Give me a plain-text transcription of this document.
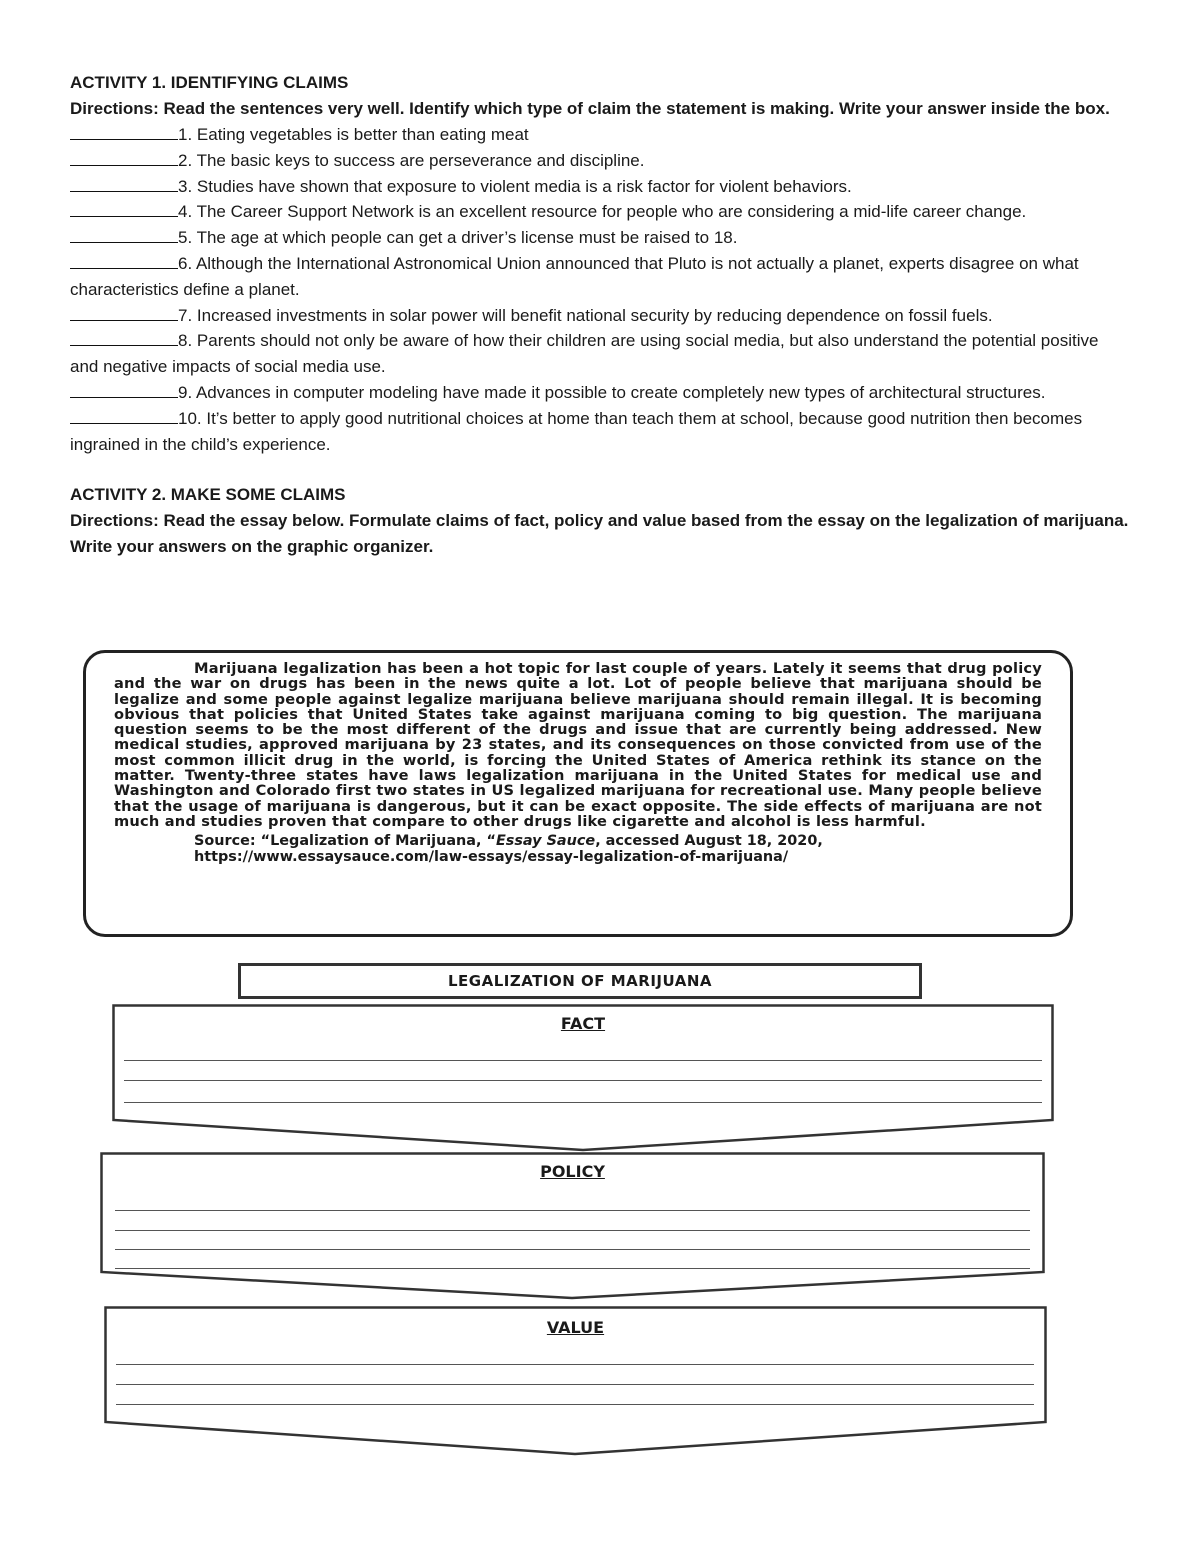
ACTIVITY 1. IDENTIFYING CLAIMS

Directions: Read the sentences very well. Identify which type of claim the statement is making. Write your answer inside the box.

1. Eating vegetables is better than eating meat

2. The basic keys to success are perseverance and discipline.

3. Studies have shown that exposure to violent media is a risk factor for violent behaviors.

4. The Career Support Network is an excellent resource for people who are considering a mid-life career change.

5. The age at which people can get a driver’s license must be raised to 18.

6. Although the International Astronomical Union announced that Pluto is not actually a planet, experts disagree on what characteristics define a planet.

7. Increased investments in solar power will benefit national security by reducing dependence on fossil fuels.

8. Parents should not only be aware of how their children are using social media, but also understand the potential positive and negative impacts of social media use.

9. Advances in computer modeling have made it possible to create completely new types of architectural structures.

10. It’s better to apply good nutritional choices at home than teach them at school, because good nutrition then becomes ingrained in the child’s experience.

ACTIVITY 2. MAKE SOME CLAIMS

Directions: Read the essay below. Formulate claims of fact, policy and value based from the essay on the legalization of marijuana. Write your answers on the graphic organizer.

Marijuana legalization has been a hot topic for last couple of years. Lately it seems that drug policy and the war on drugs has been in the news quite a lot. Lot of people believe that marijuana should be legalize and some people against legalize marijuana believe marijuana should remain illegal. It is becoming obvious that policies that United States take against marijuana coming to big question. The marijuana question seems to be the most different of the drugs and issue that are currently being addressed. New medical studies, approved marijuana by 23 states, and its consequences on those convicted from use of the most common illicit drug in the world, is forcing the United States of America rethink its stance on the matter. Twenty-three states have laws legalization marijuana in the United States for medical use and Washington and Colorado first two states in US legalized marijuana for recreational use. Many people believe that the usage of marijuana is dangerous, but it can be exact opposite. The side effects of marijuana are not much and studies proven that compare to other drugs like cigarette and alcohol is less harmful.

Source: “Legalization of Marijuana, “Essay Sauce, accessed August 18, 2020,
https://www.essaysauce.com/law-essays/essay-legalization-of-marijuana/

LEGALIZATION OF MARIJUANA
FACT
POLICY
VALUE
